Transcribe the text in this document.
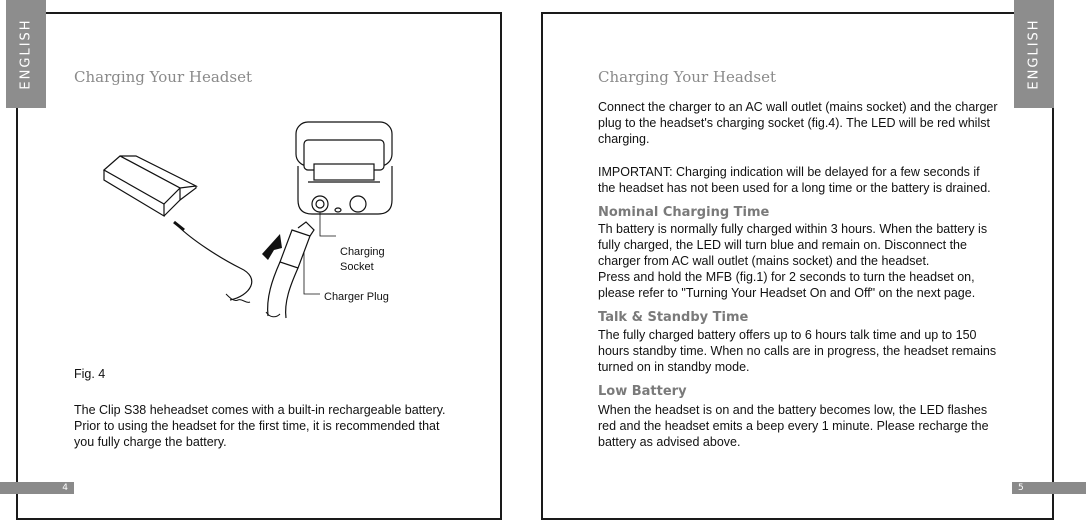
ENGLISH	ENGLISH
Charging Your Headset
Charging
Socket
Charger Plug

Fig. 4

The Clip S38 heheadset comes with a built-in rechargeable battery.
Prior to using the headset for the first time, it is recommended that
you fully charge the battery.
4
Charging Your Headset
Connect the charger to an AC wall outlet (mains socket) and the charger
plug to the headset's charging socket (fig.4). The LED will be red whilst
charging.
IMPORTANT: Charging indication will be delayed for a few seconds if
the headset has not been used for a long time or the battery is drained.
Nominal Charging Time
Th battery is normally fully charged within 3 hours. When the battery is
fully charged, the LED will turn blue and remain on. Disconnect the
charger from AC wall outlet (mains socket) and the headset.
Press and hold the MFB (fig.1) for 2 seconds to turn the headset on,
please refer to "Turning Your Headset On and Off" on the next page.
Talk & Standby Time
The fully charged battery offers up to 6 hours talk time and up to 150
hours standby time. When no calls are in progress, the headset remains
turned on in standby mode.
Low Battery
When the headset is on and the battery becomes low, the LED flashes
red and the headset emits a beep every 1 minute. Please recharge the
battery as advised above.
5
